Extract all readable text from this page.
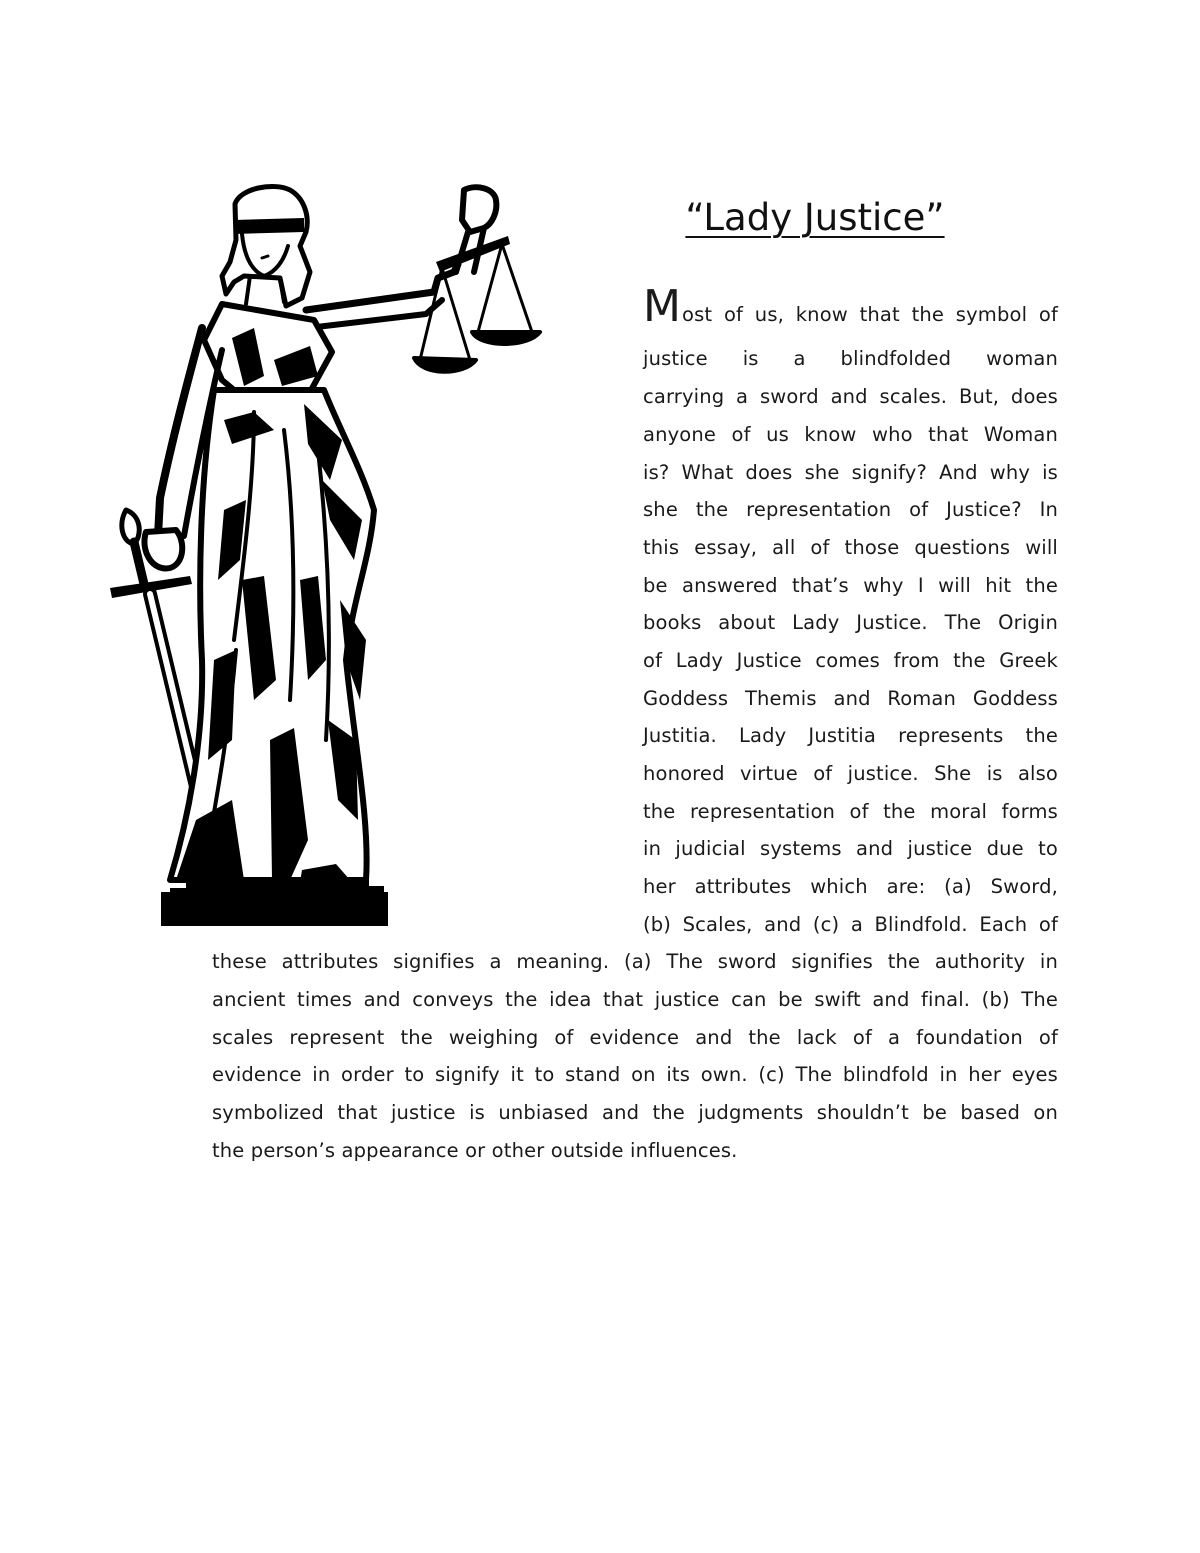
“Lady Justice”
M ost of us, know that the symbol of
justice is a blindfolded woman
carrying a sword and scales. But, does
anyone of us know who that Woman
is? What does she signify? And why is
she the representation of Justice? In
this essay, all of those questions will
be answered that’s why I will hit the
books about Lady Justice. The Origin
of Lady Justice comes from the Greek
Goddess Themis and Roman Goddess
Justitia. Lady Justitia represents the
honored virtue of justice. She is also
the representation of the moral forms
in judicial systems and justice due to
her attributes which are: (a) Sword,
(b) Scales, and (c) a Blindfold. Each of
these attributes signifies a meaning. (a) The sword signifies the authority in
ancient times and conveys the idea that justice can be swift and final. (b) The
scales represent the weighing of evidence and the lack of a foundation of
evidence in order to signify it to stand on its own. (c) The blindfold in her eyes
symbolized that justice is unbiased and the judgments shouldn’t be based on
the person’s appearance or other outside influences.
